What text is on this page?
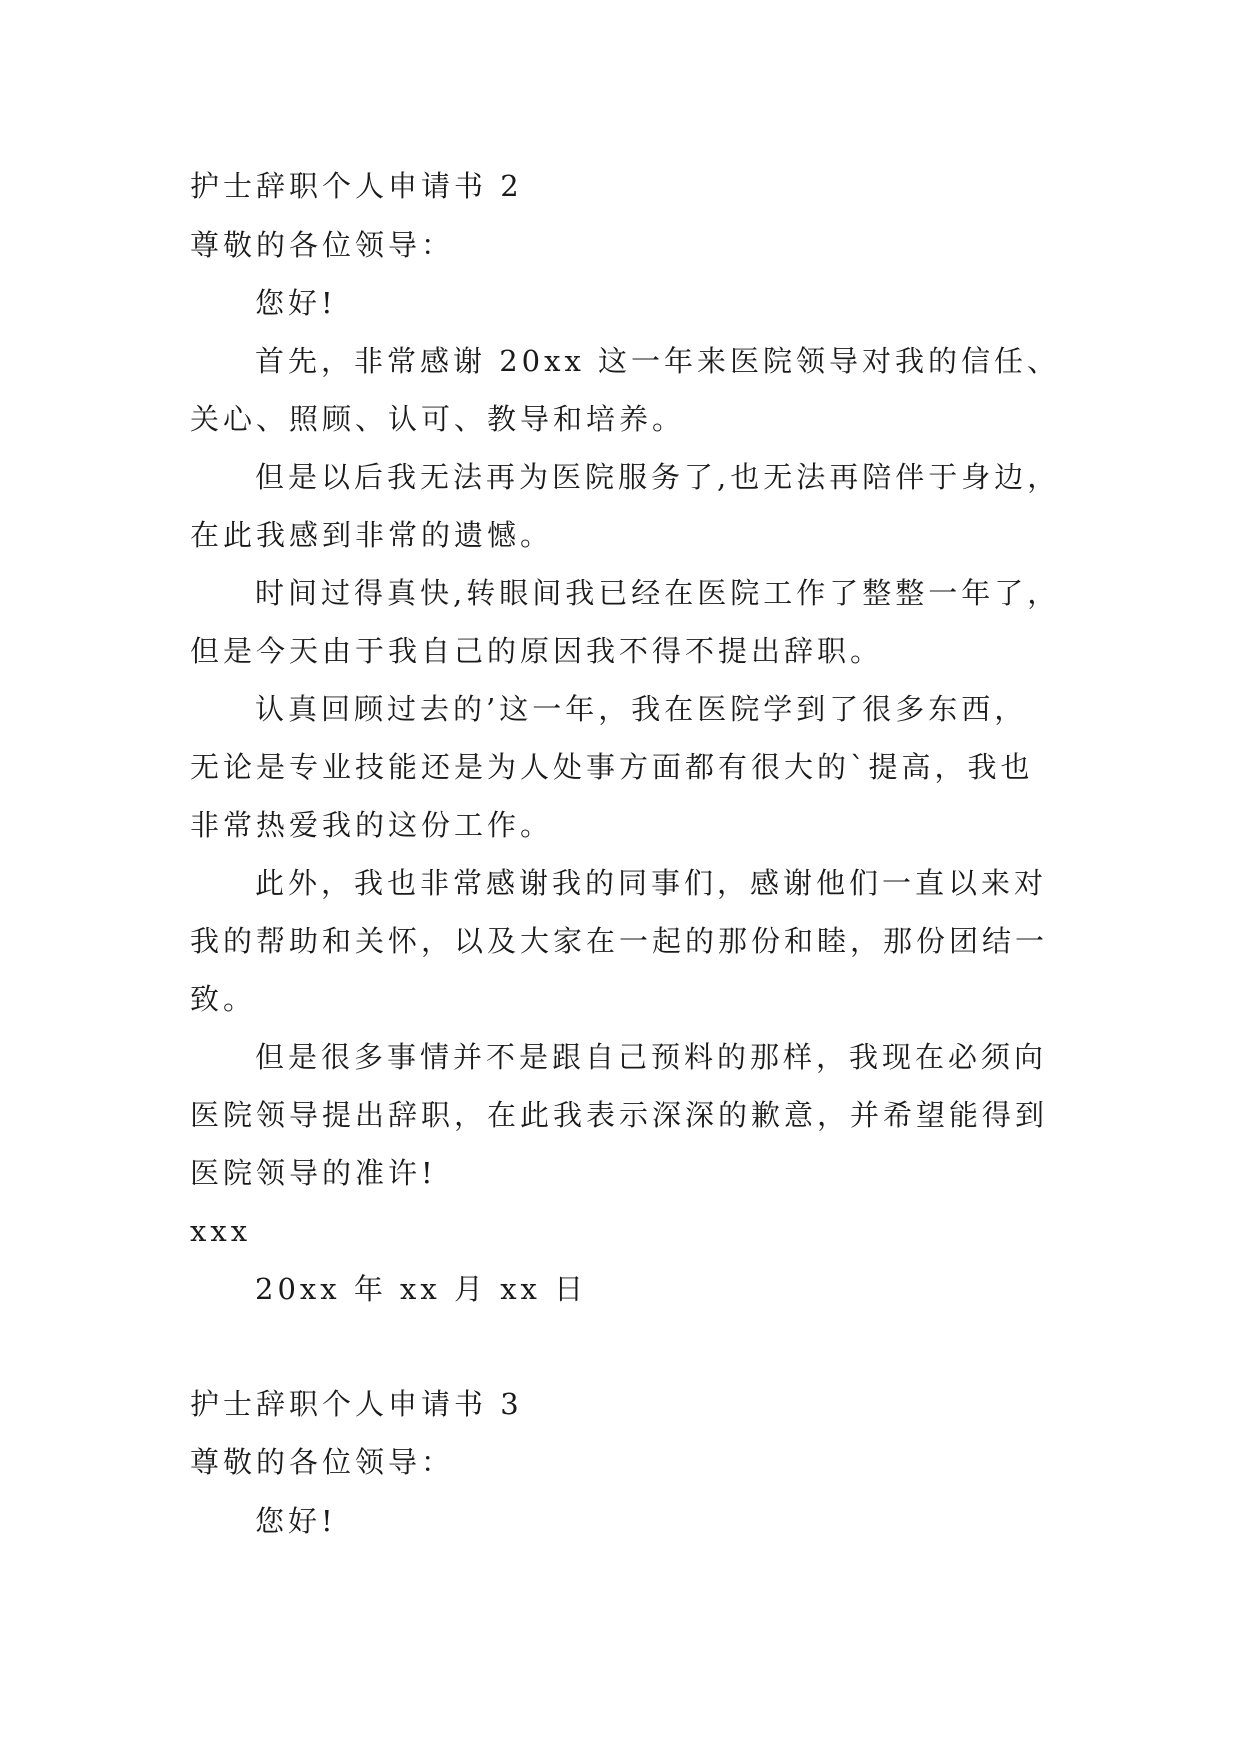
护士辞职个人申请书 2
尊敬的各位领导：
您好!
首先，非常感谢 20xx 这一年来医院领导对我的信任、
关心、照顾、认可、教导和培养。
但是以后我无法再为医院服务了,也无法再陪伴于身边，
在此我感到非常的遗憾。
时间过得真快,转眼间我已经在医院工作了整整一年了，
但是今天由于我自己的原因我不得不提出辞职。
认真回顾过去的’这一年，我在医院学到了很多东西，
无论是专业技能还是为人处事方面都有很大的`提高，我也
非常热爱我的这份工作。
此外，我也非常感谢我的同事们，感谢他们一直以来对
我的帮助和关怀，以及大家在一起的那份和睦，那份团结一
致。
但是很多事情并不是跟自己预料的那样，我现在必须向
医院领导提出辞职，在此我表示深深的歉意，并希望能得到
医院领导的准许!
xxx
20xx 年 xx 月 xx 日
护士辞职个人申请书 3
尊敬的各位领导：
您好!
